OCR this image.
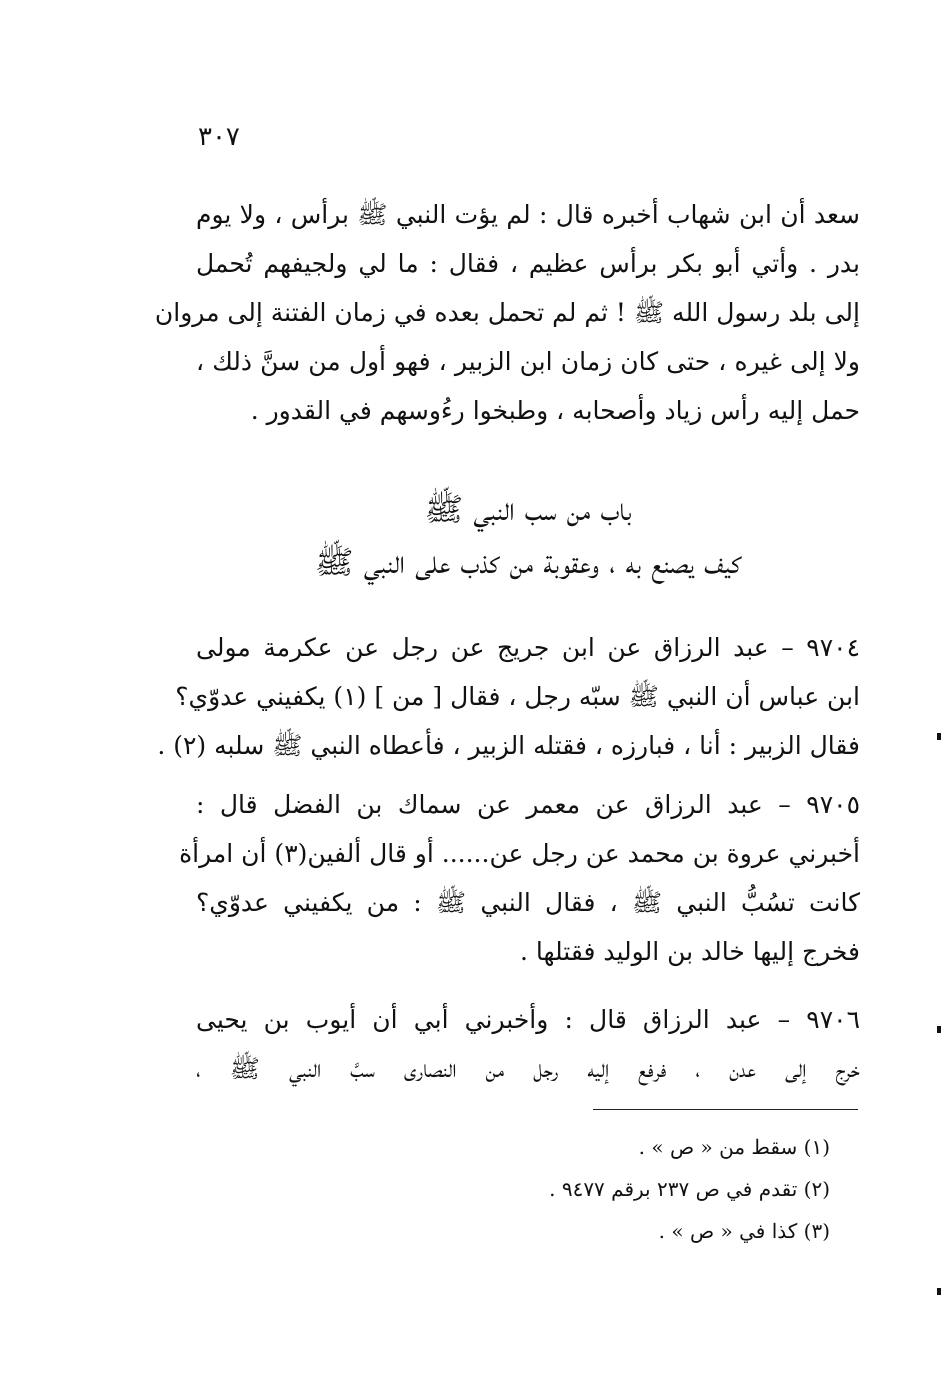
٣٠٧
سعد أن ابن شهاب أخبره قال : لم يؤت النبي ﷺ برأس ، ولا يوم
بدر . وأتي أبو بكر برأس عظيم ، فقال : ما لي ولجيفهم تُحمل
إلى بلد رسول الله ﷺ ! ثم لم تحمل بعده في زمان الفتنة إلى مروان
ولا إلى غيره ، حتى كان زمان ابن الزبير ، فهو أول من سنَّ ذلك ،
حمل إليه رأس زياد وأصحابه ، وطبخوا رءُوسهم في القدور .
باب من سب النبي ﷺ
كيف يصنع به ، وعقوبة من كذب على النبي ﷺ
٩٧٠٤ – عبد الرزاق عن ابن جريج عن رجل عن عكرمة مولى
ابن عباس أن النبي ﷺ سبّه رجل ، فقال [ من ] (١) يكفيني عدوّي؟
فقال الزبير : أنا ، فبارزه ، فقتله الزبير ، فأعطاه النبي ﷺ سلبه (٢) .
٩٧٠٥ – عبد الرزاق عن معمر عن سماك بن الفضل قال :
أخبرني عروة بن محمد عن رجل عن...... أو قال ألفين(٣) أن امرأة
كانت تسُبُّ النبي ﷺ ، فقال النبي ﷺ : من يكفيني عدوّي؟
فخرج إليها خالد بن الوليد فقتلها .
٩٧٠٦ – عبد الرزاق قال : وأخبرني أبي أن أيوب بن يحيى
خرج إلى عدن ، فرفع إليه رجل من النصارى سبَّ النبي ﷺ ،
(١) سقط من « ص » .
(٢) تقدم في ص ٢٣٧ برقم ٩٤٧٧ .
(٣) كذا في « ص » .
